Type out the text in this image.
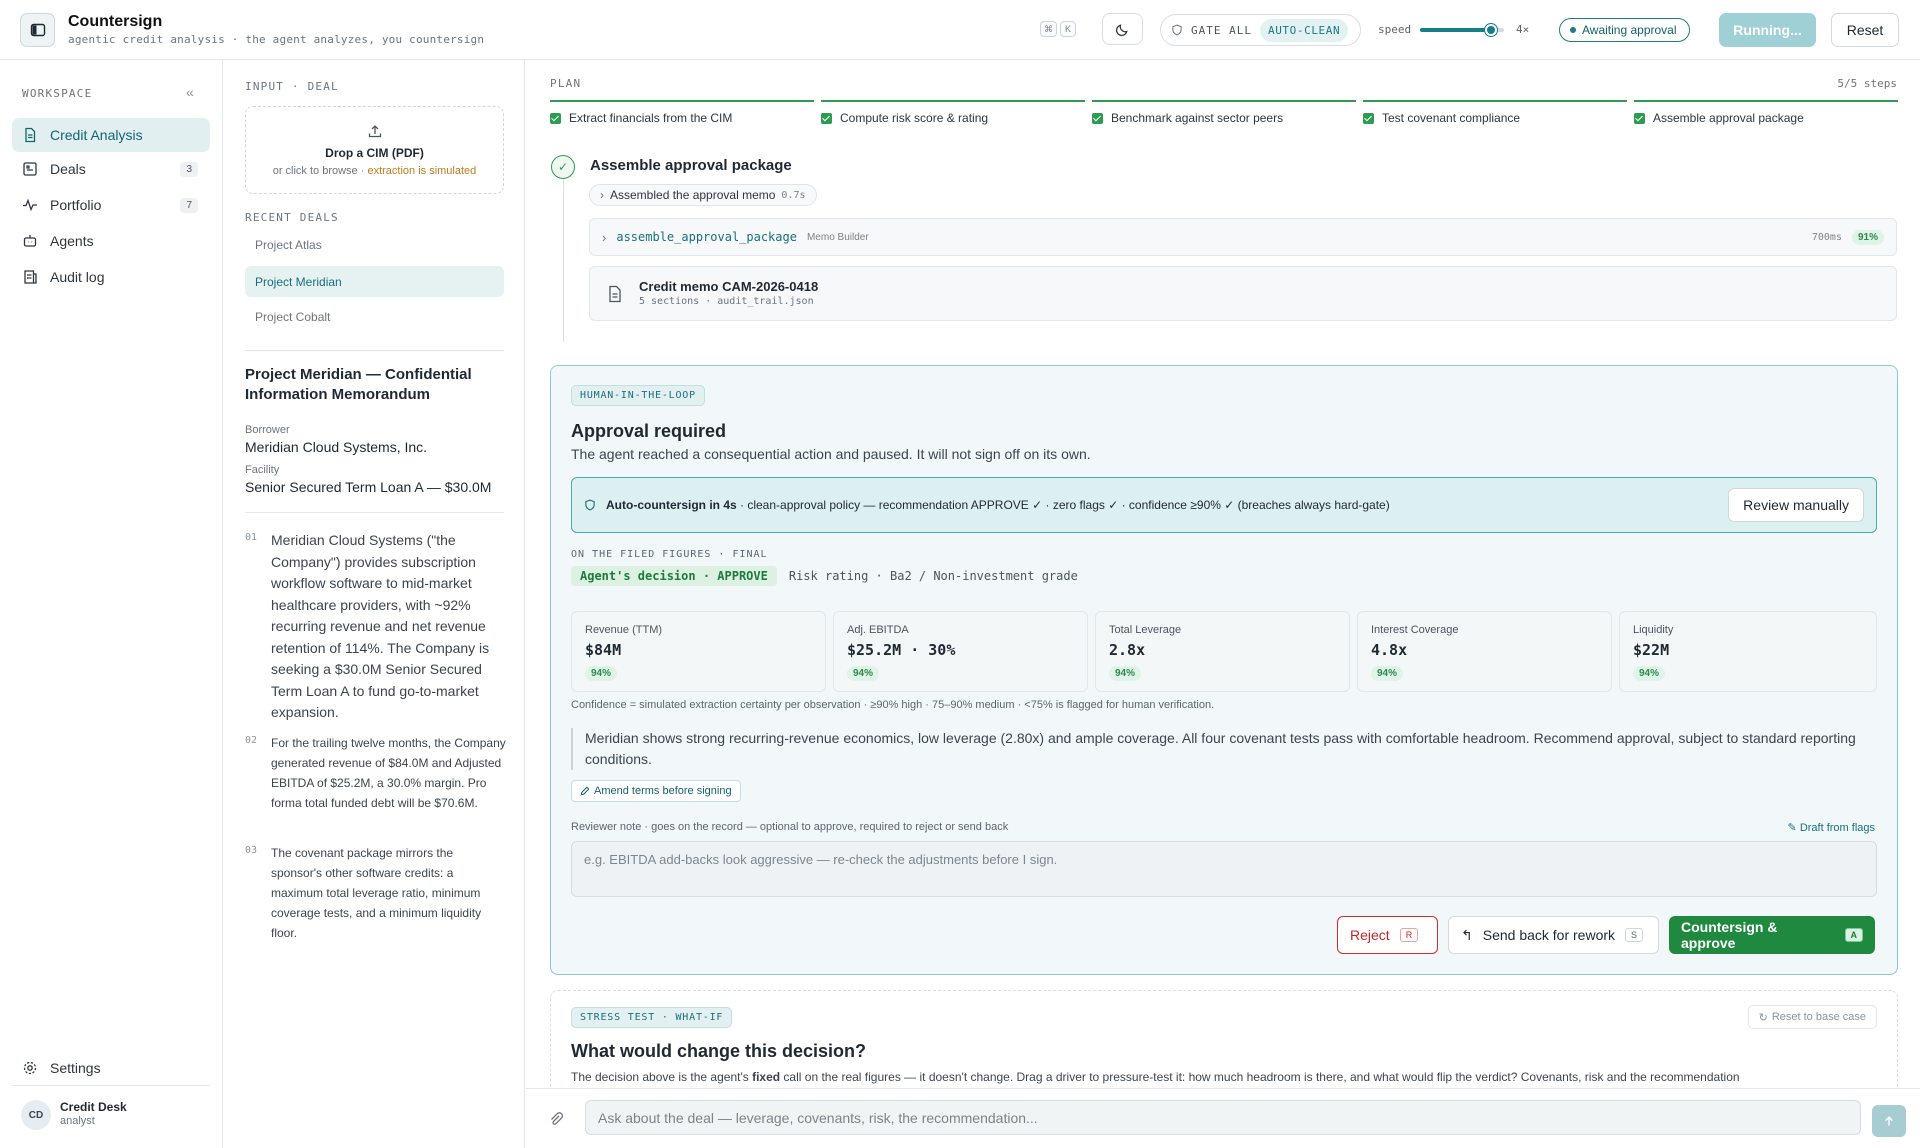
Countersign
agentic credit analysis · the agent analyzes, you countersign
⌘	K	GATE ALL	AUTO-CLEAN	speed	4×	Awaiting approval	Running...	Reset
WORKSPACE	«
Credit Analysis
Deals	3
Portfolio	7
Agents
Audit log
Settings
CD
Credit Desk
analyst
INPUT · DEAL
Drop a CIM (PDF)
or click to browse · extraction is simulated
RECENT DEALS
Project Atlas
Project Meridian
Project Cobalt
Project Meridian — Confidential Information Memorandum
Borrower
Meridian Cloud Systems, Inc.
Facility
Senior Secured Term Loan A — $30.0M
01 Meridian Cloud Systems ("the Company") provides subscription workflow software to mid-market healthcare providers, with ~92% recurring revenue and net revenue retention of 114%. The Company is seeking a $30.0M Senior Secured Term Loan A to fund go-to-market expansion.
02	For the trailing twelve months, the Company generated revenue of $84.0M and Adjusted EBITDA of $25.2M, a 30.0% margin. Pro forma total funded debt will be $70.6M.
03	The covenant package mirrors the sponsor's other software credits: a maximum total leverage ratio, minimum coverage tests, and a minimum liquidity floor.
PLAN	5/5 steps
Extract financials from the CIM	Compute risk score & rating	Benchmark against sector peers	Test covenant compliance	Assemble approval package
✓	Assemble approval package
› Assembled the approval memo 0.7s
› assemble_approval_package Memo Builder	700ms	91%
Credit memo CAM-2026-0418
5 sections · audit_trail.json
HUMAN-IN-THE-LOOP
Approval required
The agent reached a consequential action and paused. It will not sign off on its own.
Auto-countersign in 4s · clean-approval policy — recommendation APPROVE ✓ · zero flags ✓ · confidence ≥90% ✓ (breaches always hard-gate)	Review manually
ON THE FILED FIGURES · FINAL
Agent's decision · APPROVE	Risk rating · Ba2 / Non-investment grade
Revenue (TTM)
$84M
94%
Adj. EBITDA
$25.2M · 30%
94%
Total Leverage
2.8x
94%
Interest Coverage
4.8x
94%
Liquidity
$22M
94%
Confidence = simulated extraction certainty per observation · ≥90% high · 75–90% medium · <75% is flagged for human verification.
Meridian shows strong recurring-revenue economics, low leverage (2.80x) and ample coverage. All four covenant tests pass with comfortable headroom. Recommend approval, subject to standard reporting conditions.
Amend terms before signing
Reviewer note · goes on the record — optional to approve, required to reject or send back	✎ Draft from flags
e.g. EBITDA add-backs look aggressive — re-check the adjustments before I sign.
Reject	R	↰ Send back for rework	S	Countersign & approve	A
STRESS TEST · WHAT-IF	↻ Reset to base case
What would change this decision?
The decision above is the agent's fixed call on the real figures — it doesn't change. Drag a driver to pressure-test it: how much headroom is there, and what would flip the verdict? Covenants, risk and the recommendation
Ask about the deal — leverage, covenants, risk, the recommendation...
